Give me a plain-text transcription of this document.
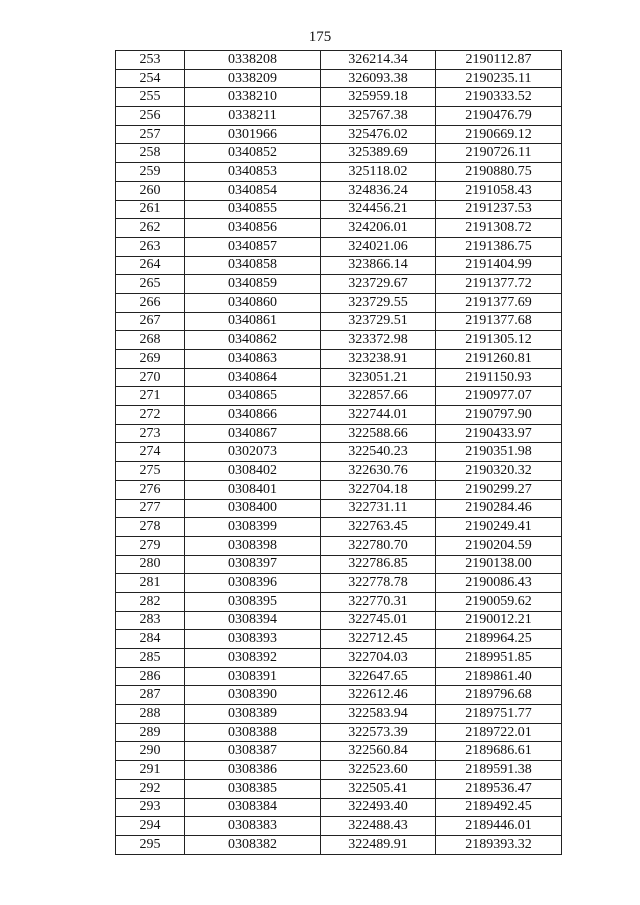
175
253	0338208	326214.34	2190112.87
254	0338209	326093.38	2190235.11
255	0338210	325959.18	2190333.52
256	0338211	325767.38	2190476.79
257	0301966	325476.02	2190669.12
258	0340852	325389.69	2190726.11
259	0340853	325118.02	2190880.75
260	0340854	324836.24	2191058.43
261	0340855	324456.21	2191237.53
262	0340856	324206.01	2191308.72
263	0340857	324021.06	2191386.75
264	0340858	323866.14	2191404.99
265	0340859	323729.67	2191377.72
266	0340860	323729.55	2191377.69
267	0340861	323729.51	2191377.68
268	0340862	323372.98	2191305.12
269	0340863	323238.91	2191260.81
270	0340864	323051.21	2191150.93
271	0340865	322857.66	2190977.07
272	0340866	322744.01	2190797.90
273	0340867	322588.66	2190433.97
274	0302073	322540.23	2190351.98
275	0308402	322630.76	2190320.32
276	0308401	322704.18	2190299.27
277	0308400	322731.11	2190284.46
278	0308399	322763.45	2190249.41
279	0308398	322780.70	2190204.59
280	0308397	322786.85	2190138.00
281	0308396	322778.78	2190086.43
282	0308395	322770.31	2190059.62
283	0308394	322745.01	2190012.21
284	0308393	322712.45	2189964.25
285	0308392	322704.03	2189951.85
286	0308391	322647.65	2189861.40
287	0308390	322612.46	2189796.68
288	0308389	322583.94	2189751.77
289	0308388	322573.39	2189722.01
290	0308387	322560.84	2189686.61
291	0308386	322523.60	2189591.38
292	0308385	322505.41	2189536.47
293	0308384	322493.40	2189492.45
294	0308383	322488.43	2189446.01
295	0308382	322489.91	2189393.32
